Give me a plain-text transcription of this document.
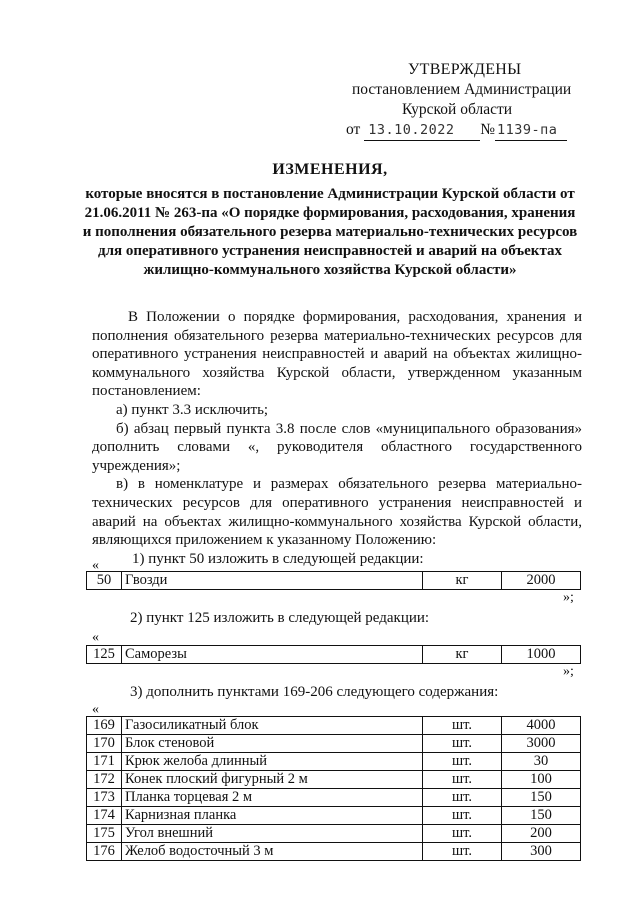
УТВЕРЖДЕНЫ
постановлением Администрации
Курской области
от 13.10.2022 № 1139-па
ИЗМЕНЕНИЯ,
которые вносятся в постановление Администрации Курской области от 21.06.2011 № 263-па «О порядке формирования, расходования, хранения и пополнения обязательного резерва материально-технических ресурсов для оперативного устранения неисправностей и аварий на объектах жилищно-коммунального хозяйства Курской области»

В Положении о порядке формирования, расходования, хранения и пополнения обязательного резерва материально-технических ресурсов для оперативного устранения неисправностей и аварий на объектах жилищно-коммунального хозяйства Курской области, утвержденном указанным постановлением:

а) пункт 3.3 исключить;

б) абзац первый пункта 3.8 после слов «муниципального образования» дополнить словами «, руководителя областного государственного учреждения»;

в) в номенклатуре и размерах обязательного резерва материально-технических ресурсов для оперативного устранения неисправностей и аварий на объектах жилищно-коммунального хозяйства Курской области, являющихся приложением к указанному Положению:

1) пункт 50 изложить в следующей редакции:

«
50	Гвозди	кг	2000
»;
2) пункт 125 изложить в следующей редакции:
«
125	Саморезы	кг	1000
»;
3) дополнить пунктами 169-206 следующего содержания:
«
169	Газосиликатный блок	шт.	4000
170	Блок стеновой	шт.	3000
171	Крюк желоба длинный	шт.	30
172	Конек плоский фигурный 2 м	шт.	100
173	Планка торцевая 2 м	шт.	150
174	Карнизная планка	шт.	150
175	Угол внешний	шт.	200
176	Желоб водосточный 3 м	шт.	300
